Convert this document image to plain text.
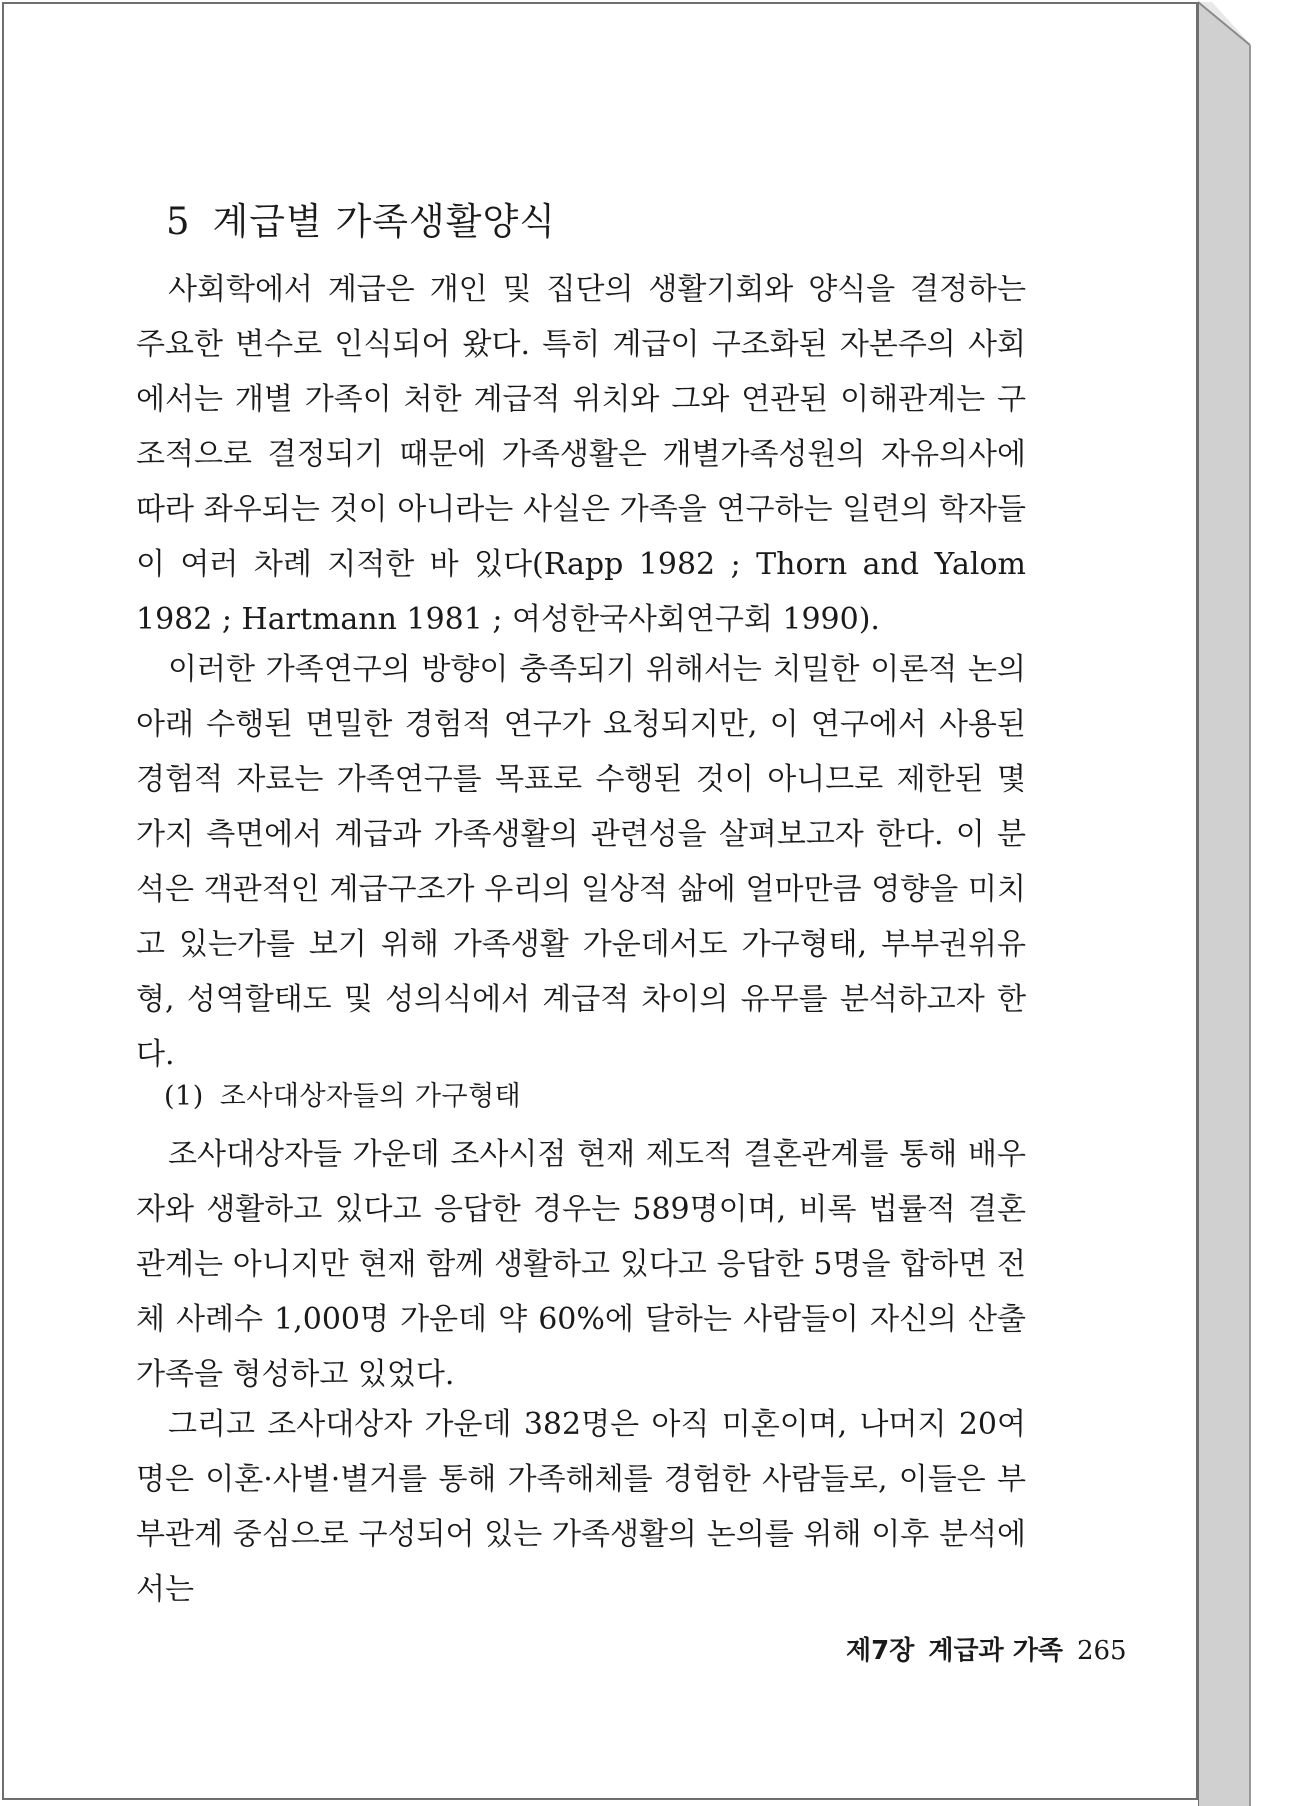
5 계급별 가족생활양식

사회학에서 계급은 개인 및 집단의 생활기회와 양식을 결정하는 주요한 변수로 인식되어 왔다. 특히 계급이 구조화된 자본주의 사회에서는 개별 가족이 처한 계급적 위치와 그와 연관된 이해관계는 구조적으로 결정되기 때문에 가족생활은 개별가족성원의 자유의사에 따라 좌우되는 것이 아니라는 사실은 가족을 연구하는 일련의 학자들이 여러 차례 지적한 바 있다(Rapp 1982 ; Thorn and Yalom 1982 ; Hartmann 1981 ; 여성한국사회연구회 1990).

이러한 가족연구의 방향이 충족되기 위해서는 치밀한 이론적 논의 아래 수행된 면밀한 경험적 연구가 요청되지만, 이 연구에서 사용된 경험적 자료는 가족연구를 목표로 수행된 것이 아니므로 제한된 몇 가지 측면에서 계급과 가족생활의 관련성을 살펴보고자 한다. 이 분석은 객관적인 계급구조가 우리의 일상적 삶에 얼마만큼 영향을 미치고 있는가를 보기 위해 가족생활 가운데서도 가구형태, 부부권위유형, 성역할태도 및 성의식에서 계급적 차이의 유무를 분석하고자 한다.

(1) 조사대상자들의 가구형태

조사대상자들 가운데 조사시점 현재 제도적 결혼관계를 통해 배우자와 생활하고 있다고 응답한 경우는 589명이며, 비록 법률적 결혼관계는 아니지만 현재 함께 생활하고 있다고 응답한 5명을 합하면 전체 사례수 1,000명 가운데 약 60%에 달하는 사람들이 자신의 산출가족을 형성하고 있었다.

그리고 조사대상자 가운데 382명은 아직 미혼이며, 나머지 20여 명은 이혼·사별·별거를 통해 가족해체를 경험한 사람들로, 이들은 부부관계 중심으로 구성되어 있는 가족생활의 논의를 위해 이후 분석에서는

제7장 계급과 가족 265
